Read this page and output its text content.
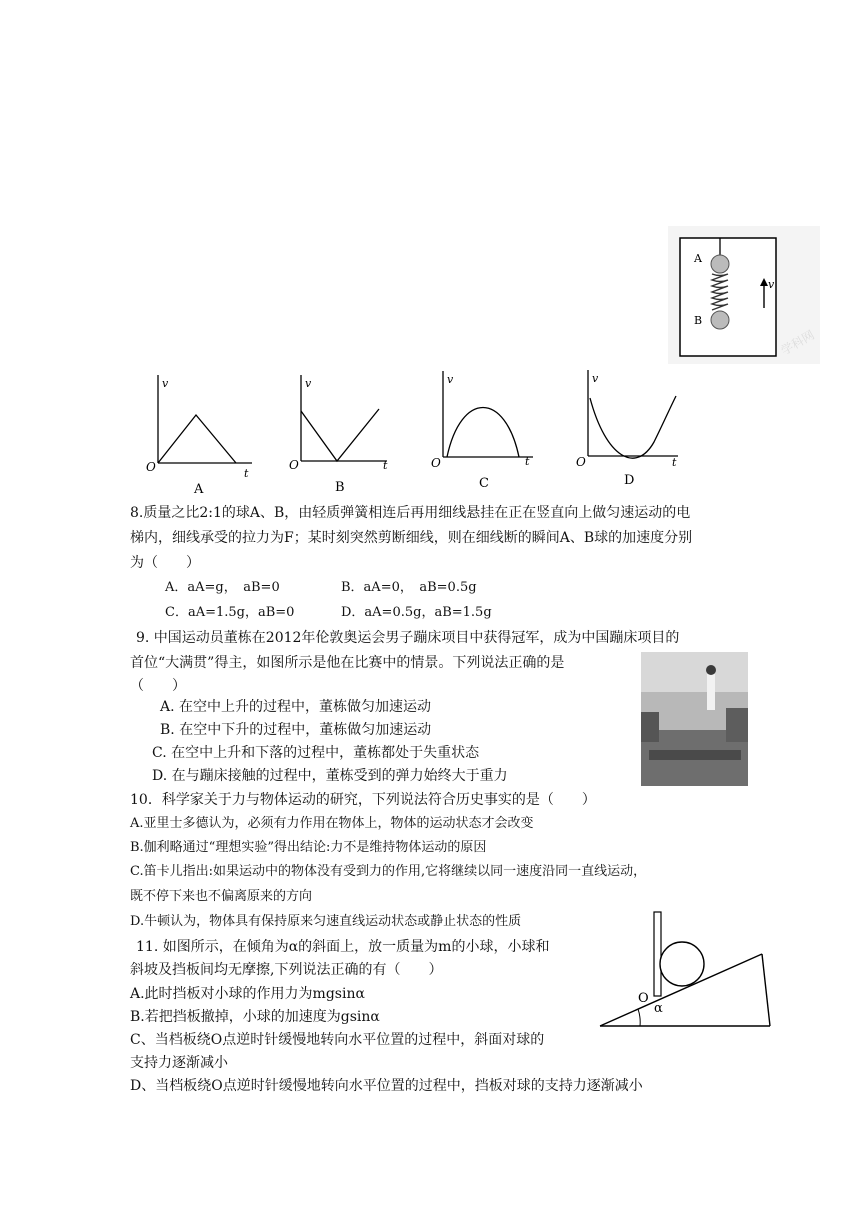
A
B
v
学科网
v
t
O
A
v
t
O
B
v
t
O
C
v
t
O
D
8.质量之比2:1的球A、B，由轻质弹簧相连后再用细线悬挂在正在竖直向上做匀速运动的电
梯内，细线承受的拉力为F；某时刻突然剪断细线，则在细线断的瞬间A、B球的加速度分别
为（　　）
A．aA=g，　aB=0	B．aA=0，　aB=0.5g
C．aA=1.5g，aB=0	D．aA=0.5g，aB=1.5g
9. 中国运动员董栋在2012年伦敦奥运会男子蹦床项目中获得冠军，成为中国蹦床项目的
首位“大满贯”得主，如图所示是他在比赛中的情景。下列说法正确的是
（　　）
A. 在空中上升的过程中，董栋做匀加速运动
B. 在空中下升的过程中，董栋做匀加速运动
C. 在空中上升和下落的过程中，董栋都处于失重状态
D. 在与蹦床接触的过程中，董栋受到的弹力始终大于重力
10．科学家关于力与物体运动的研究，下列说法符合历史事实的是（　　）
A.亚里士多德认为，必须有力作用在物体上，物体的运动状态才会改变
B.伽利略通过“理想实验”得出结论:力不是维持物体运动的原因
C.笛卡儿指出:如果运动中的物体没有受到力的作用,它将继续以同一速度沿同一直线运动，
既不停下来也不偏离原来的方向
D.牛顿认为，物体具有保持原来匀速直线运动状态或静止状态的性质
11. 如图所示，在倾角为α的斜面上，放一质量为m的小球，小球和
斜坡及挡板间均无摩擦,下列说法正确的有（　　）
A.此时挡板对小球的作用力为mgsinα
B.若把挡板撤掉，小球的加速度为gsinα
C、当档板绕O点逆时针缓慢地转向水平位置的过程中，斜面对球的
支持力逐渐减小
D、当档板绕O点逆时针缓慢地转向水平位置的过程中，挡板对球的支持力逐渐减小
O
α
